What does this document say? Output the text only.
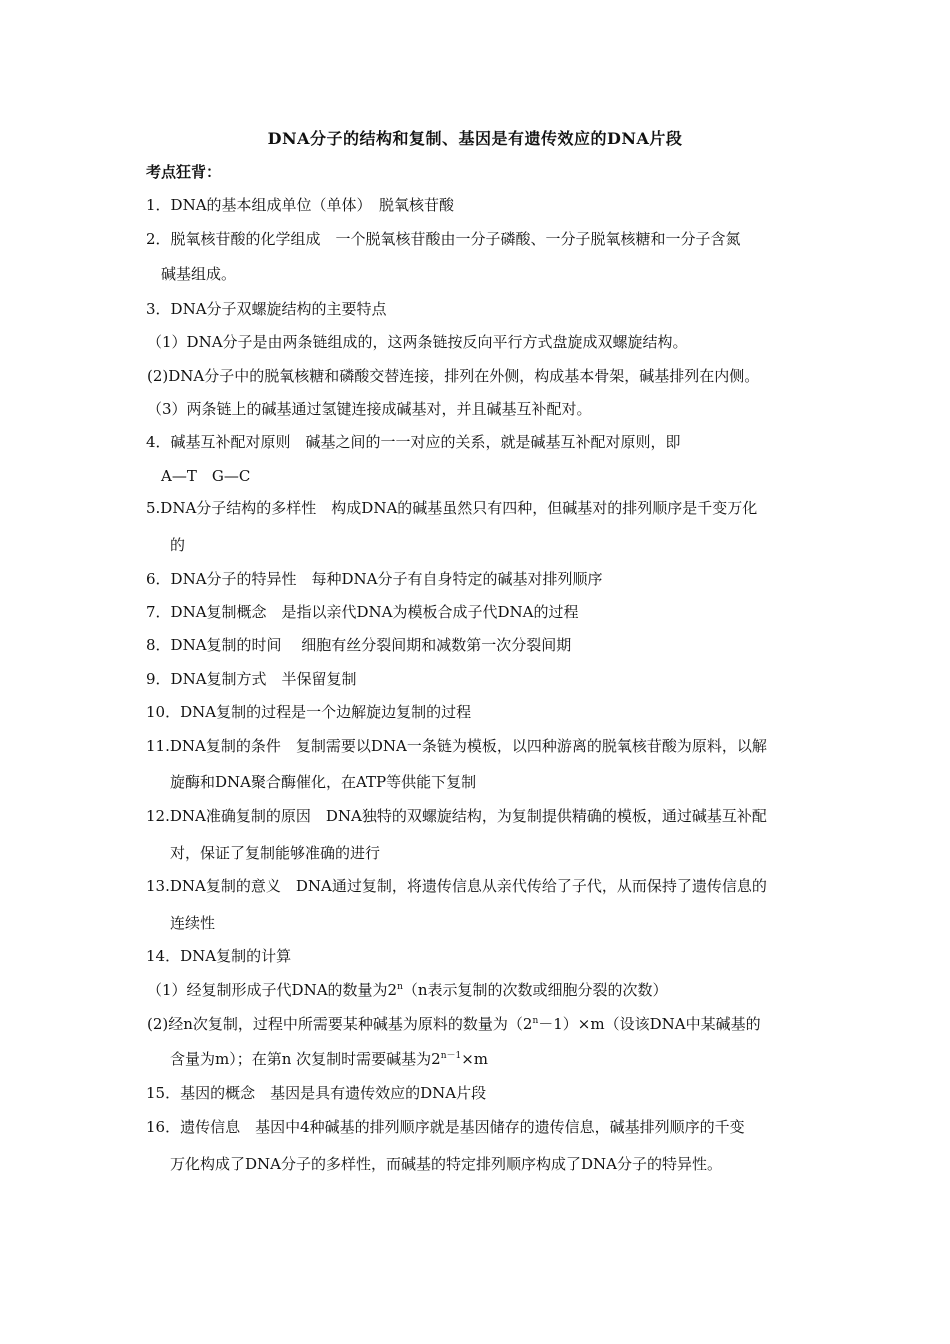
DNA分子的结构和复制、基因是有遗传效应的DNA片段
考点狂背：
1．DNA的基本组成单位（单体）　脱氧核苷酸
2．脱氧核苷酸的化学组成　一个脱氧核苷酸由一分子磷酸、一分子脱氧核糖和一分子含氮
碱基组成。
3．DNA分子双螺旋结构的主要特点
（1）DNA分子是由两条链组成的，这两条链按反向平行方式盘旋成双螺旋结构。
(2)DNA分子中的脱氧核糖和磷酸交替连接，排列在外侧，构成基本骨架，碱基排列在内侧。
（3）两条链上的碱基通过氢键连接成碱基对，并且碱基互补配对。
4．碱基互补配对原则　碱基之间的一一对应的关系，就是碱基互补配对原则，即
A—T　G—C
5.DNA分子结构的多样性　构成DNA的碱基虽然只有四种，但碱基对的排列顺序是千变万化
的
6．DNA分子的特异性　每种DNA分子有自身特定的碱基对排列顺序
7．DNA复制概念　是指以亲代DNA为模板合成子代DNA的过程
8．DNA复制的时间　 细胞有丝分裂间期和减数第一次分裂间期
9．DNA复制方式　半保留复制
10．DNA复制的过程是一个边解旋边复制的过程
11.DNA复制的条件　复制需要以DNA一条链为模板，以四种游离的脱氧核苷酸为原料，以解
旋酶和DNA聚合酶催化，在ATP等供能下复制
12.DNA准确复制的原因　DNA独特的双螺旋结构，为复制提供精确的模板，通过碱基互补配
对，保证了复制能够准确的进行
13.DNA复制的意义　DNA通过复制，将遗传信息从亲代传给了子代，从而保持了遗传信息的
连续性
14．DNA复制的计算
（1）经复制形成子代DNA的数量为2$^n$（n表示复制的次数或细胞分裂的次数）
(2)经n次复制，过程中所需要某种碱基为原料的数量为$(2^n-1)\times m$（设该DNA中某碱基的
含量为m）；在第n 次复制时需要碱基为$2^{n-1}\times m$
15．基因的概念　基因是具有遗传效应的DNA片段
16．遗传信息　基因中4种碱基的排列顺序就是基因储存的遗传信息，碱基排列顺序的千变
万化构成了DNA分子的多样性，而碱基的特定排列顺序构成了DNA分子的特异性。
